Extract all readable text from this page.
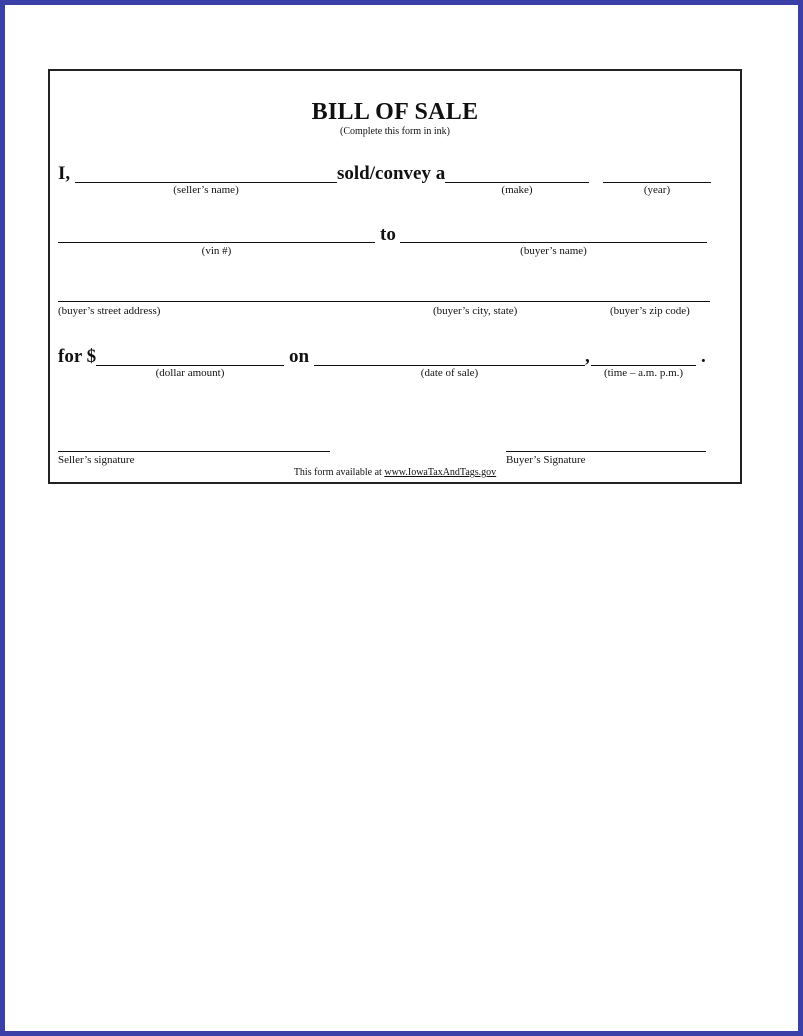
BILL OF SALE
(Complete this form in ink)
I,	sold/convey a
(seller’s name)	(make)	(year)
to
(vin #)	(buyer’s name)
(buyer’s street address)	(buyer’s city, state)	(buyer’s zip code)
for $	on	,	.
(dollar amount)	(date of sale)	(time – a.m. p.m.)
Seller’s signature	Buyer’s Signature
This form available at www.IowaTaxAndTags.gov
